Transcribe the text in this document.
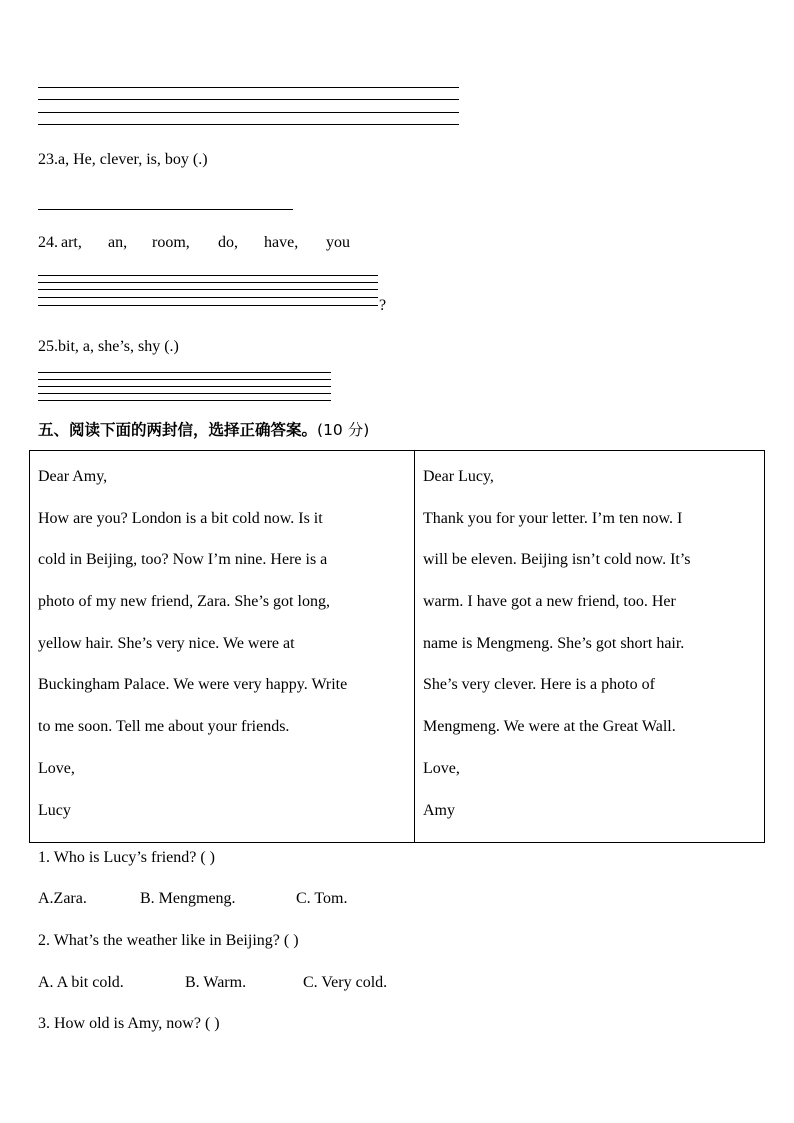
23.a, He, clever, is, boy (.)
24. art, an, room, do, have, you
?
25.bit, a, she’s, shy (.)
五、阅读下面的两封信，选择正确答案。(10 分)
Dear Amy,
How are you? London is a bit cold now. Is it
cold in Beijing, too? Now I’m nine. Here is a
photo of my new friend, Zara. She’s got long,
yellow hair. She’s very nice. We were at
Buckingham Palace. We were very happy. Write
to me soon. Tell me about your friends.
Love,
Lucy

Dear Lucy,
Thank you for your letter. I’m ten now. I
will be eleven. Beijing isn’t cold now. It’s
warm. I have got a new friend, too. Her
name is Mengmeng. She’s got short hair.
She’s very clever. Here is a photo of
Mengmeng. We were at the Great Wall.
Love,
Amy
1. Who is Lucy’s friend? ( )
A.Zara.	B. Mengmeng.	C. Tom.
2. What’s the weather like in Beijing? ( )
A. A bit cold.	B. Warm.	C. Very cold.
3. How old is Amy, now? ( )
